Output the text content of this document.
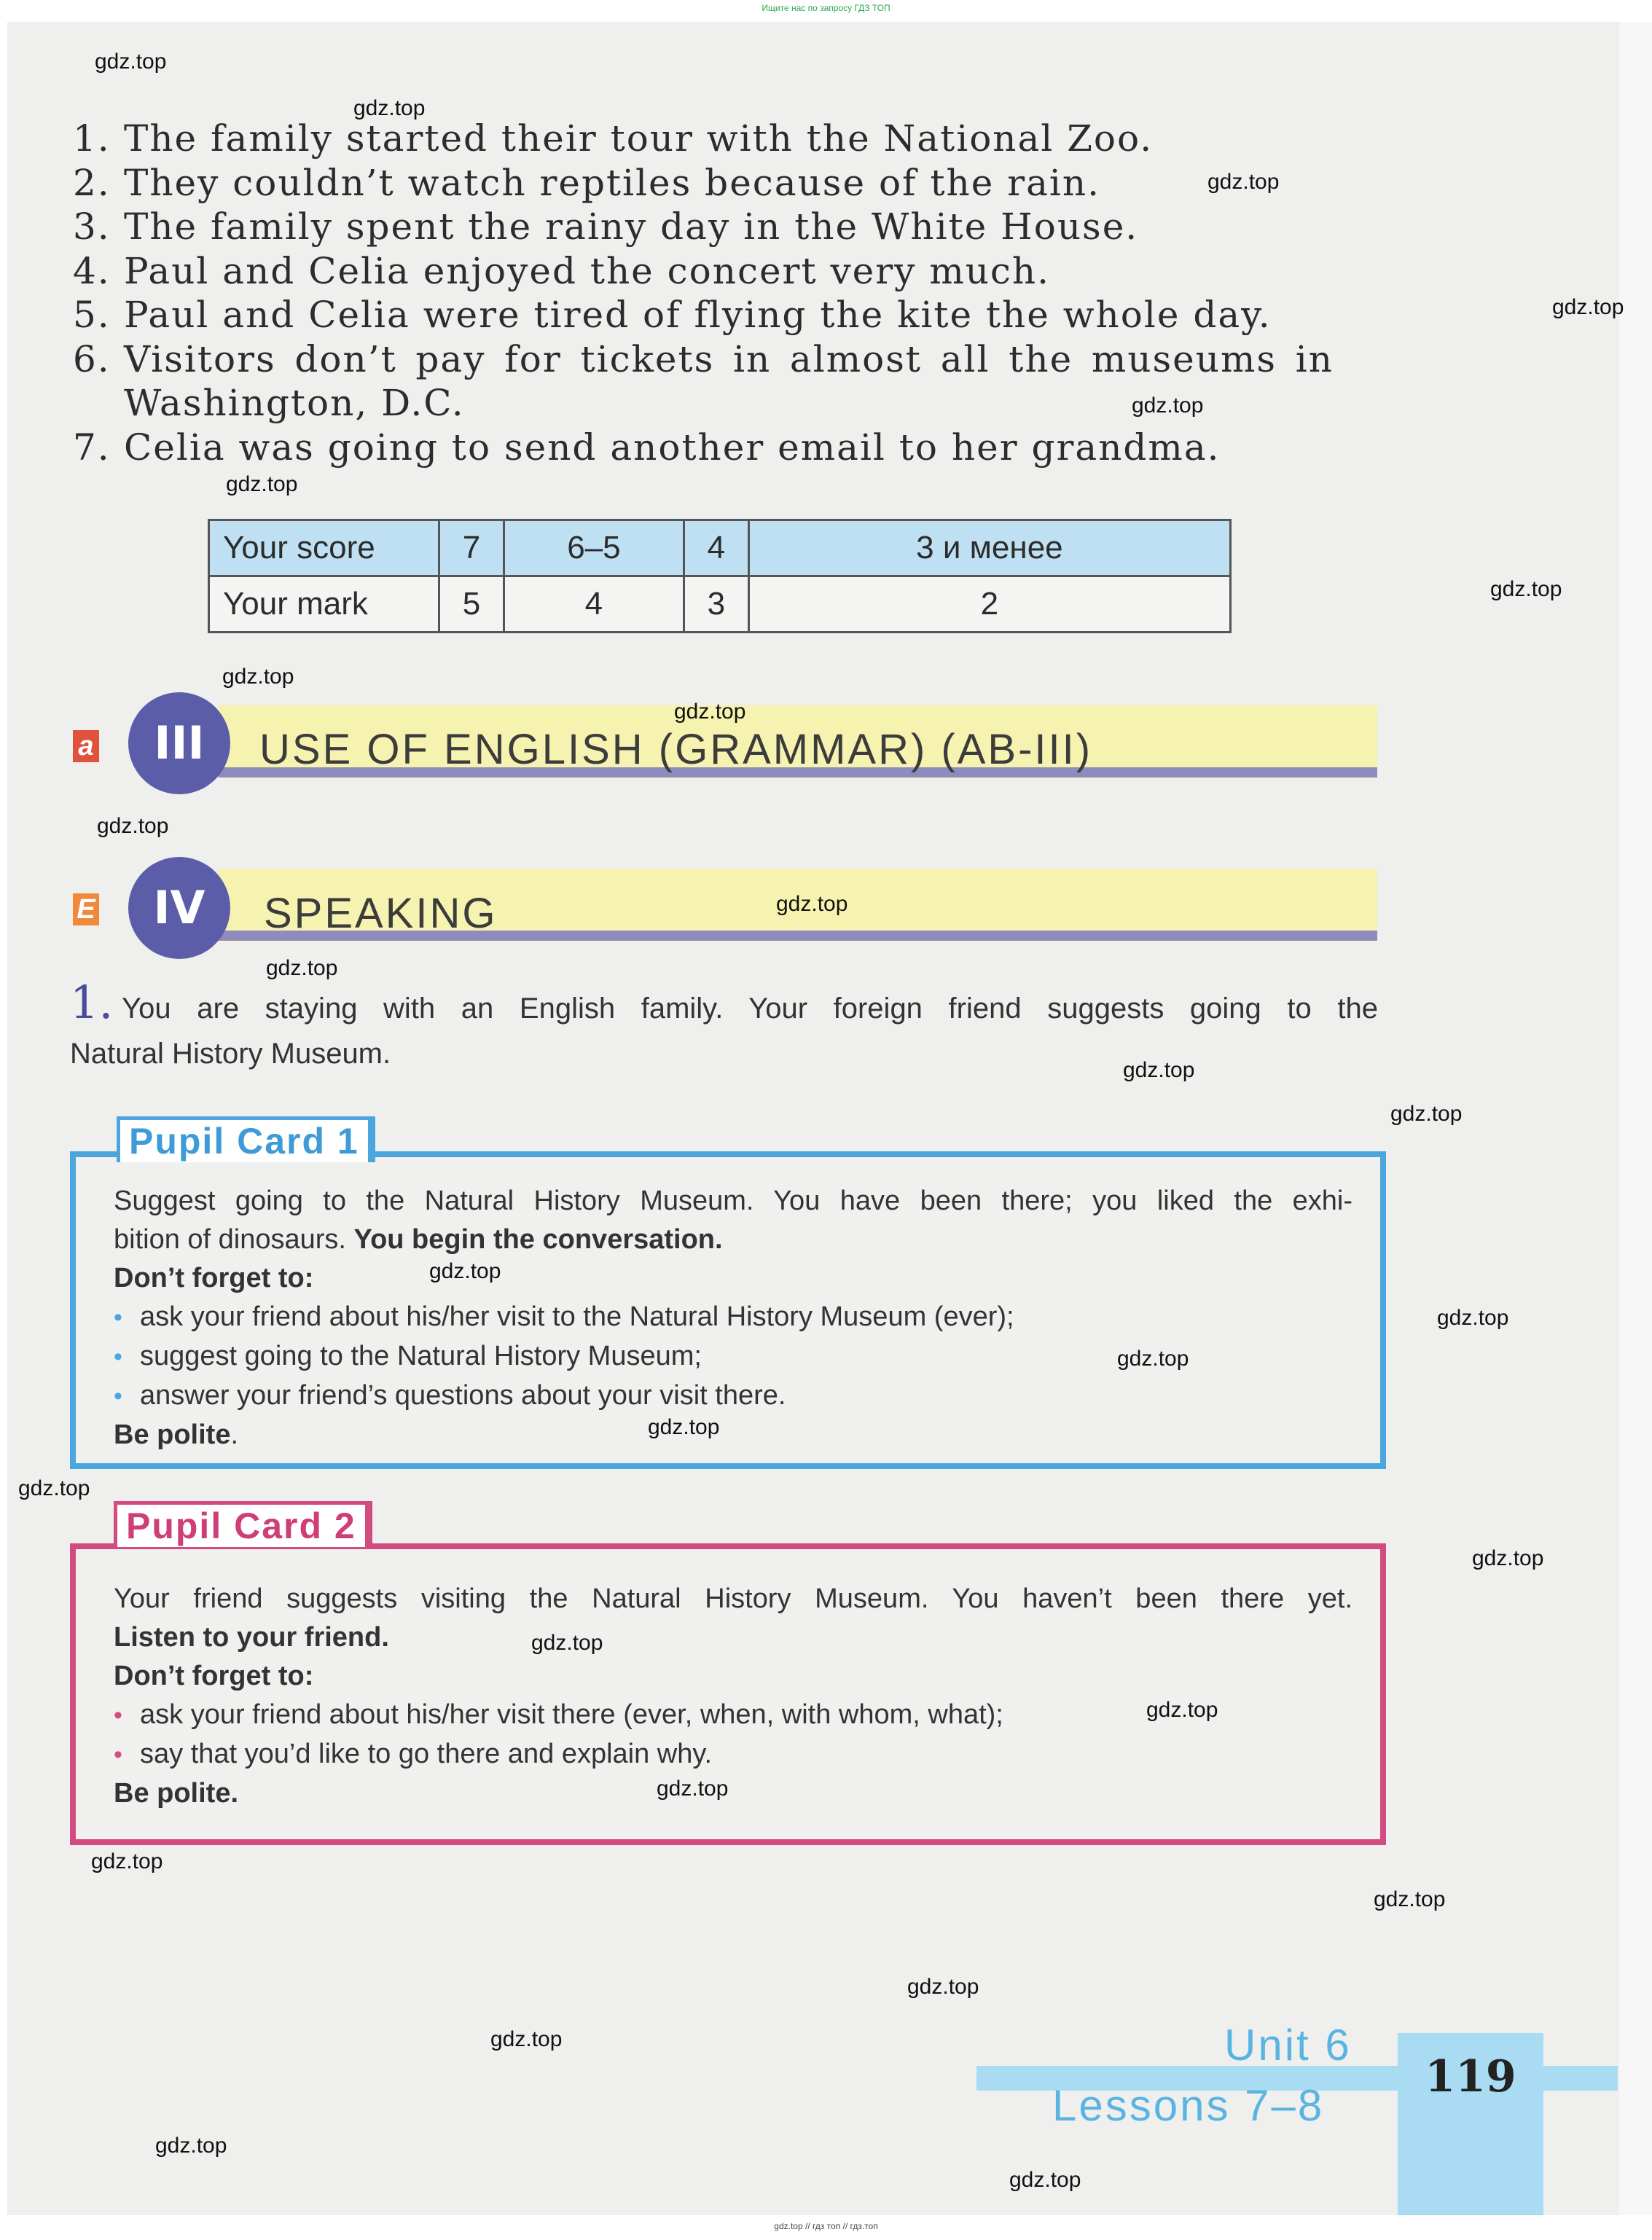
Ищите нас по запросу ГДЗ ТОП
1. The family started their tour with the National Zoo.
2. They couldn’t watch reptiles because of the rain.
3. The family spent the rainy day in the White House.
4. Paul and Celia enjoyed the concert very much.
5. Paul and Celia were tired of flying the kite the whole day.
6. Visitors don’t pay for tickets in almost all the museums in Washington, D.C.
7. Celia was going to send another email to her grandma.
Your score	7	6–5	4	3 и менее
Your mark	5	4	3	2
a	III	USE OF ENGLISH (GRAMMAR) (AB-III)
E	IV	SPEAKING
1. You are staying with an English family. Your foreign friend suggests going to the
Natural History Museum.
Suggest going to the Natural History Museum. You have been there; you liked the exhi-
bition of dinosaurs. You begin the conversation.
Don’t forget to:
• ask your friend about his/her visit to the Natural History Museum (ever);
• suggest going to the Natural History Museum;
• answer your friend’s questions about your visit there.
Be polite.
Pupil Card 1
Your friend suggests visiting the Natural History Museum. You haven’t been there yet.
Listen to your friend.
Don’t forget to:
• ask your friend about his/her visit there (ever, when, with whom, what);
• say that you’d like to go there and explain why.
Be polite.
Pupil Card 2
119
Unit 6
Lessons 7–8
gdz.top // гдз топ // гдз.топ
gdz.top
gdz.top
gdz.top
gdz.top
gdz.top
gdz.top
gdz.top
gdz.top
gdz.top
gdz.top
gdz.top
gdz.top
gdz.top
gdz.top
gdz.top
gdz.top
gdz.top
gdz.top
gdz.top
gdz.top
gdz.top
gdz.top
gdz.top
gdz.top
gdz.top
gdz.top
gdz.top
gdz.top
gdz.top
